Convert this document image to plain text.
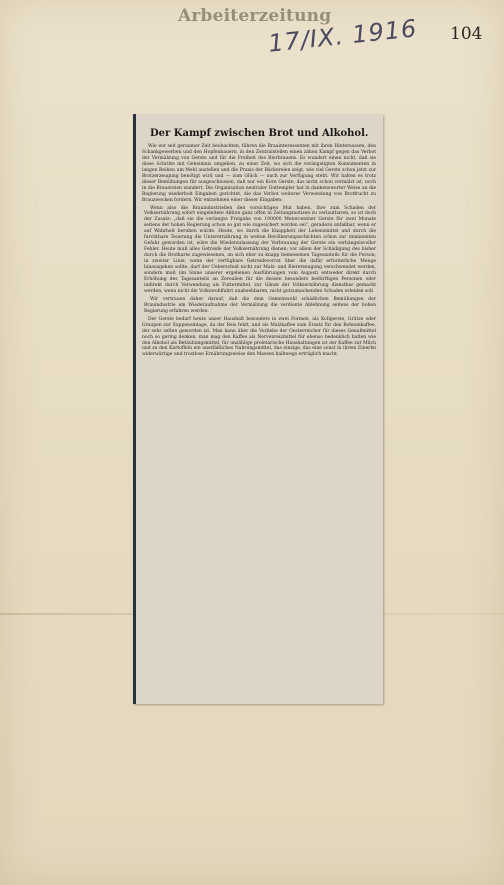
Arbeiterzeitung
17/IX. 1916 104
Der Kampf zwischen Brot und Alkohol.

Wie wir seit geraumer Zeit beobachten, führen die Brauinteressenten mit ihren Hintersassen, den Schankgewerben und den Hopfenbauern, in den Zentralstellen einen zähen Kampf gegen das Verbot der Vermälzung von Gerste und für die Freiheit des Bierbrauens. Es wundert einen nicht, daß sie diese Schritte mit Geheimnis umgeben, zu einer Zeit, wo sich die verängstigten Konsumenten in langen Reihen um Mehl anstellen und die Praxis der Bäckereien zeigt, wie viel Gerste schon jetzt zur Brotzerzeugung benötigt wird und — zum Glück — auch zur Verfügung steht. Wir halten es trotz dieser Bemühungen für ausgeschlossen, daß nur ein Korn Gerste, das nicht schon vermälzt ist, noch in die Brauereien wandert. Die Organisation neutraler Guttempler hat in dankenswerter Weise an die Regierung wiederholt Eingaben gerichtet, die das Verbot weiterer Verwendung von Brotfrucht zu Brauzwecken fordern. Wir entnehmen einer dieser Eingaben:

Wenn also die Brauindustriellen den vorsichtigen Mut haben, ihre zum Schaden der Volksernährung sofort eingeleitete Aktion ganz offen in Zeitungsnotizen zu verlautbaren, so ist doch der Zusatz: „daß sie die verlangte Freigabe von 100000 Metercentner Gerste für zwei Monate seitens der hohen Regierung schon so gut wie zugesichert worden sei“, geradezu unfaßbar, wenn er auf Wahrheit beruhen würde. Heute, wo durch die Knappheit der Lebensmittel und durch die furchtbare Teuerung die Unterernährung in weiten Bevölkerungsschichten schon zur imminenten Gefahr geworden ist, wäre die Wiederzulassung der Verbrauung der Gerste ein verhängnisvoller Fehler. Heute muß alles Getreide der Volksernährung dienen; vor allem der Schädigung des bisher durch die Brotkarte zugewiesenen, an sich eher zu knapp bemessenen Tagesanteils für die Person; in zweiter Linie, wenn der verfügbare Getreidevorrat über die dafür erforderliche Menge hinausgehen sollte, darf der Ueberschuß nicht zur Malz- und Biererzeugung verschwendet werden, sondern muß (im Sinne unserer ergebenen Ausführungen vom August) entweder direkt durch Erhöhung des Tagesanteils an Zerealien für die dessen besonders bedürftigen Personen oder indirekt durch Verwendung als Futtermittel, zur Gänze der Volksernährung dienstbar gemacht werden, wenn nicht die Volkswohlfahrt unabsehbaren, nicht gutzumachenden Schaden erleiden soll.

Wir vertrauen daher darauf, daß die dem Gemeinwohl schädlichen Bemühungen der Brauindustrie um Wiederaufnahme der Vermälzung die verdiente Ablehnung seitens der hohen Regierung erfahren werden.

Der Gerste bedarf heute unser Haushalt besonders in zwei Formen, als Kollgerste, Grütze oder Graupen zur Suppeneinlage, da der Reis fehlt, und als Malzkaffee zum Ersatz für den Bohnenkaffee, der sehr selten geworden ist. Man kann über die Vorliebe der Oesterreicher für dieses Genußmittel noch so gering denken, man mag den Kaffee als Nervenreizmittel für ebenso bedenklich halten wie den Alkohol als Betäubungsmittel, für unzählige proletarische Haushaltungen ist der Kaffee zur Milch und zu den Kartoffeln ein unerläßliches Nahrungsmittel, das einzige, das eine sonst in ihrem Einerlei widerwärtige und trostlose Ernährungsweise den Massen halbwegs erträglich macht.
